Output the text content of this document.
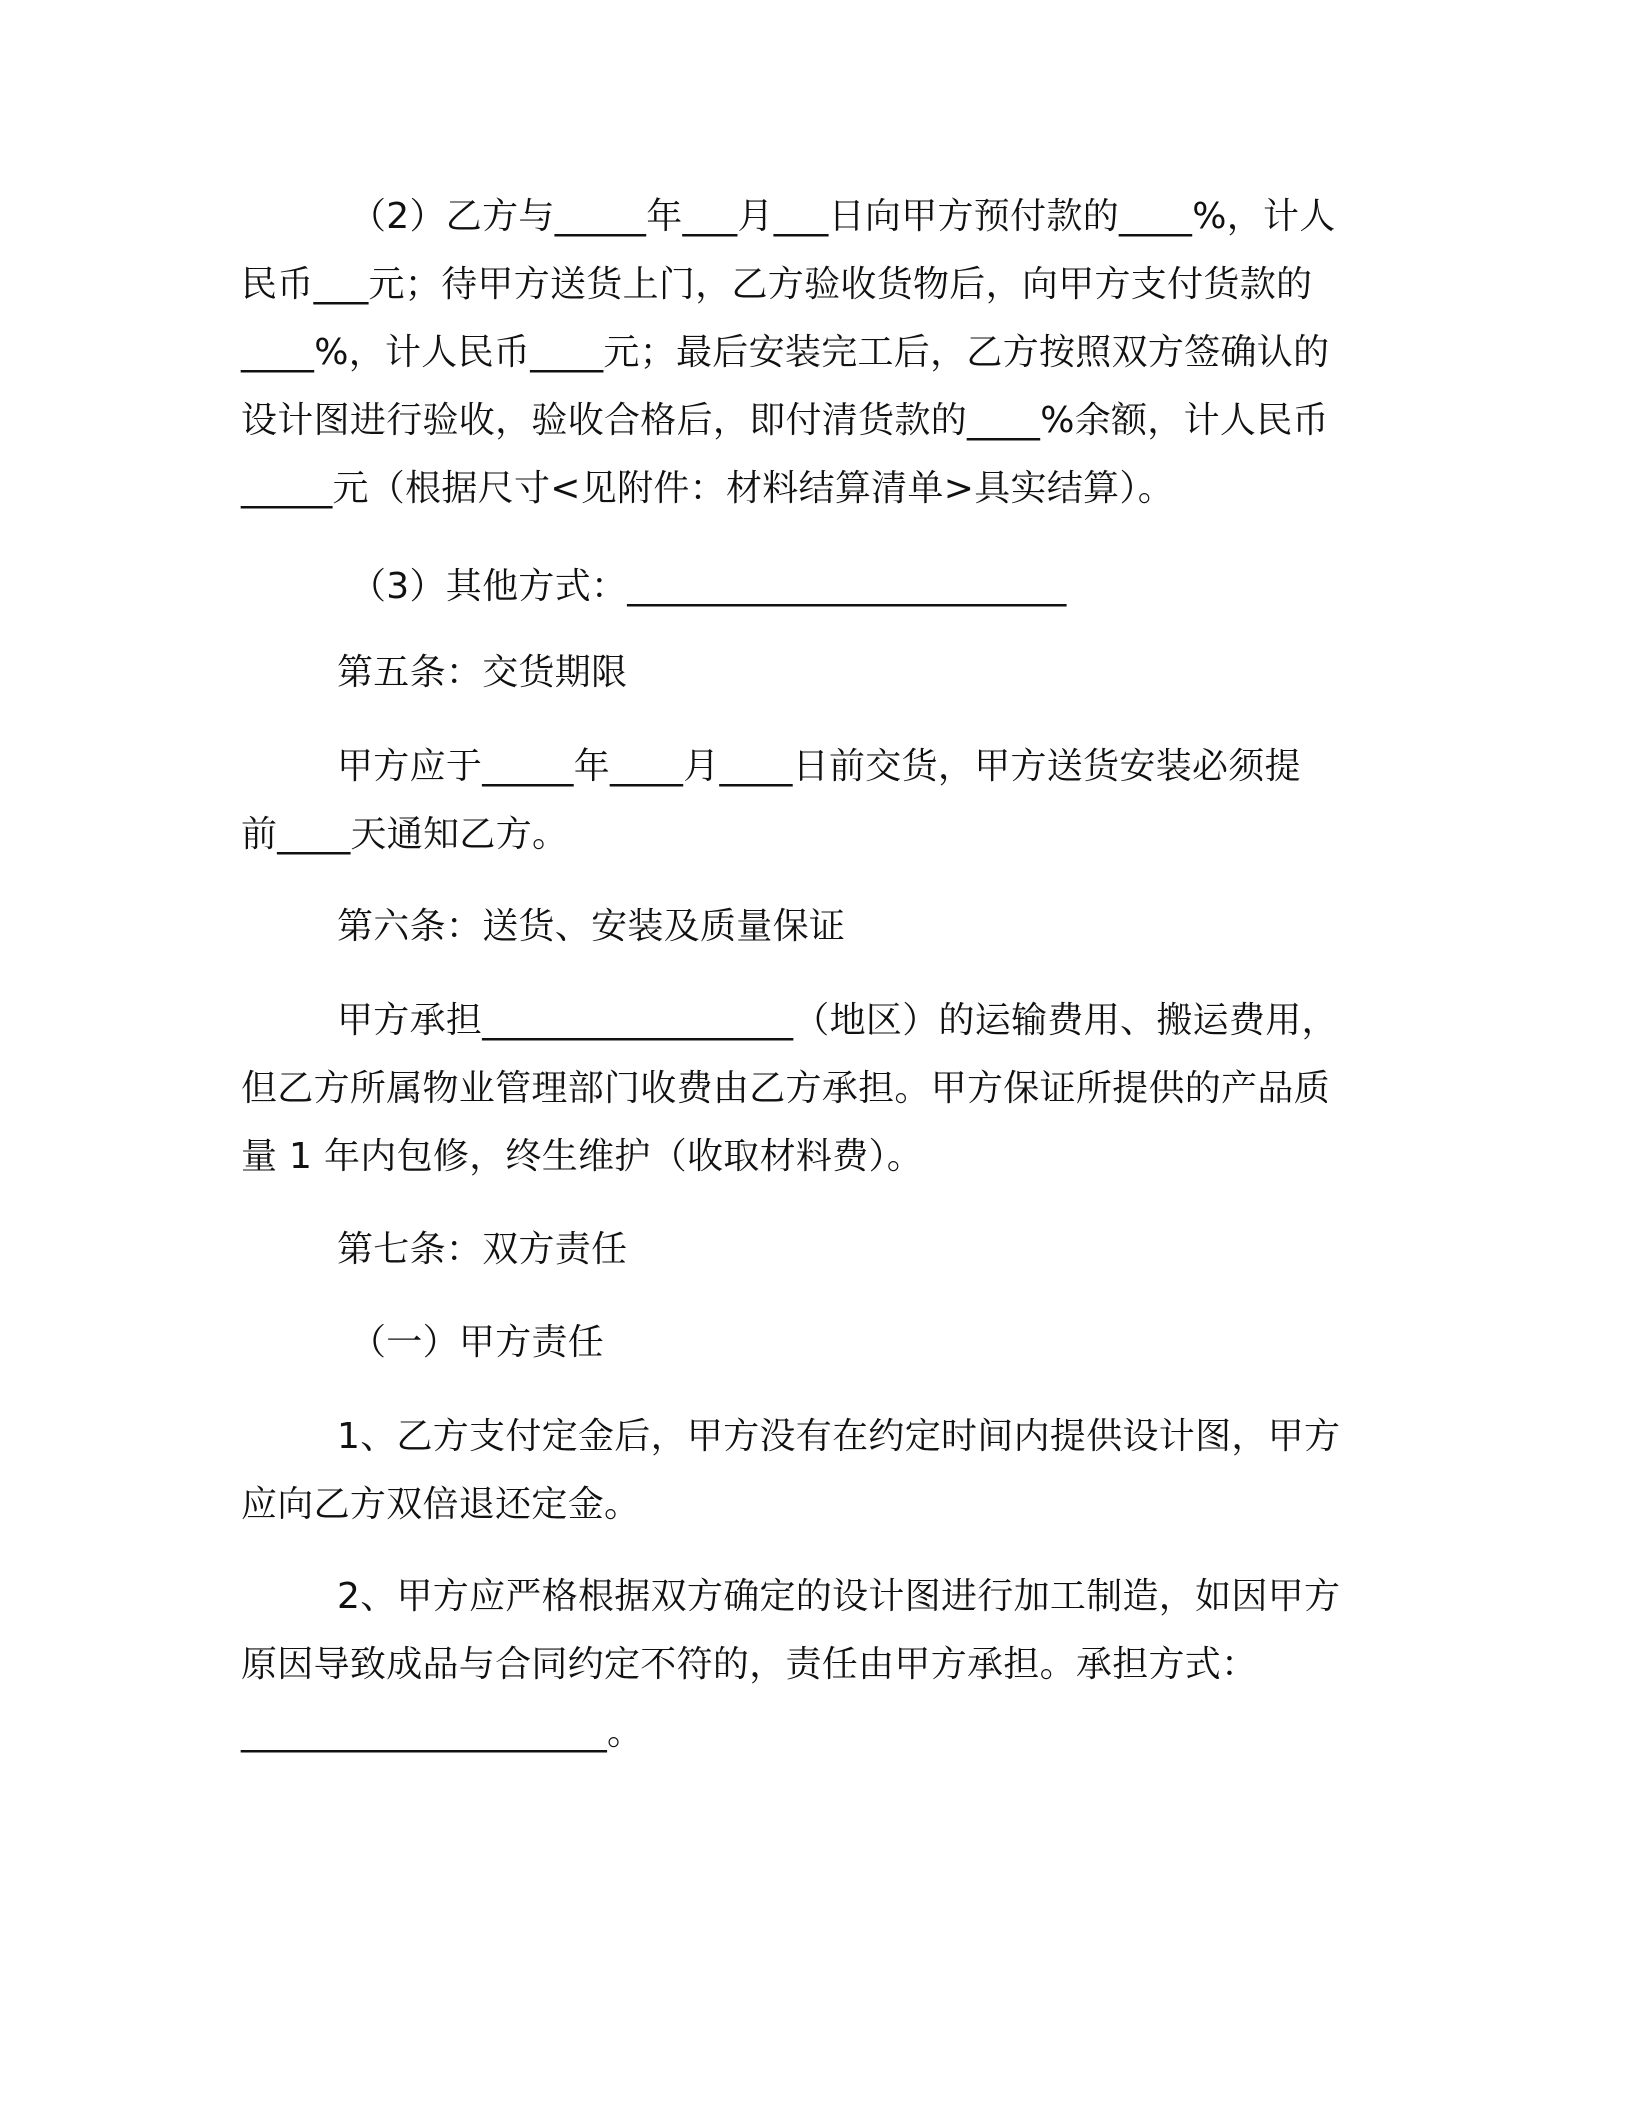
（2）乙方与_____年___月___日向甲方预付款的____%，计人
民币___元；待甲方送货上门，乙方验收货物后，向甲方支付货款的
____%，计人民币____元；最后安装完工后，乙方按照双方签确认的
设计图进行验收，验收合格后，即付清货款的____%余额，计人民币
_____元（根据尺寸<见附件：材料结算清单>具实结算）。
（3）其他方式：________________________
第五条：交货期限
甲方应于_____年____月____日前交货，甲方送货安装必须提
前____天通知乙方。
第六条：送货、安装及质量保证
甲方承担_________________（地区）的运输费用、搬运费用，
但乙方所属物业管理部门收费由乙方承担。甲方保证所提供的产品质
量 1 年内包修，终生维护（收取材料费）。
第七条：双方责任
（一）甲方责任
1、乙方支付定金后，甲方没有在约定时间内提供设计图，甲方
应向乙方双倍退还定金。
2、甲方应严格根据双方确定的设计图进行加工制造，如因甲方
原因导致成品与合同约定不符的，责任由甲方承担。承担方式：
____________________。
